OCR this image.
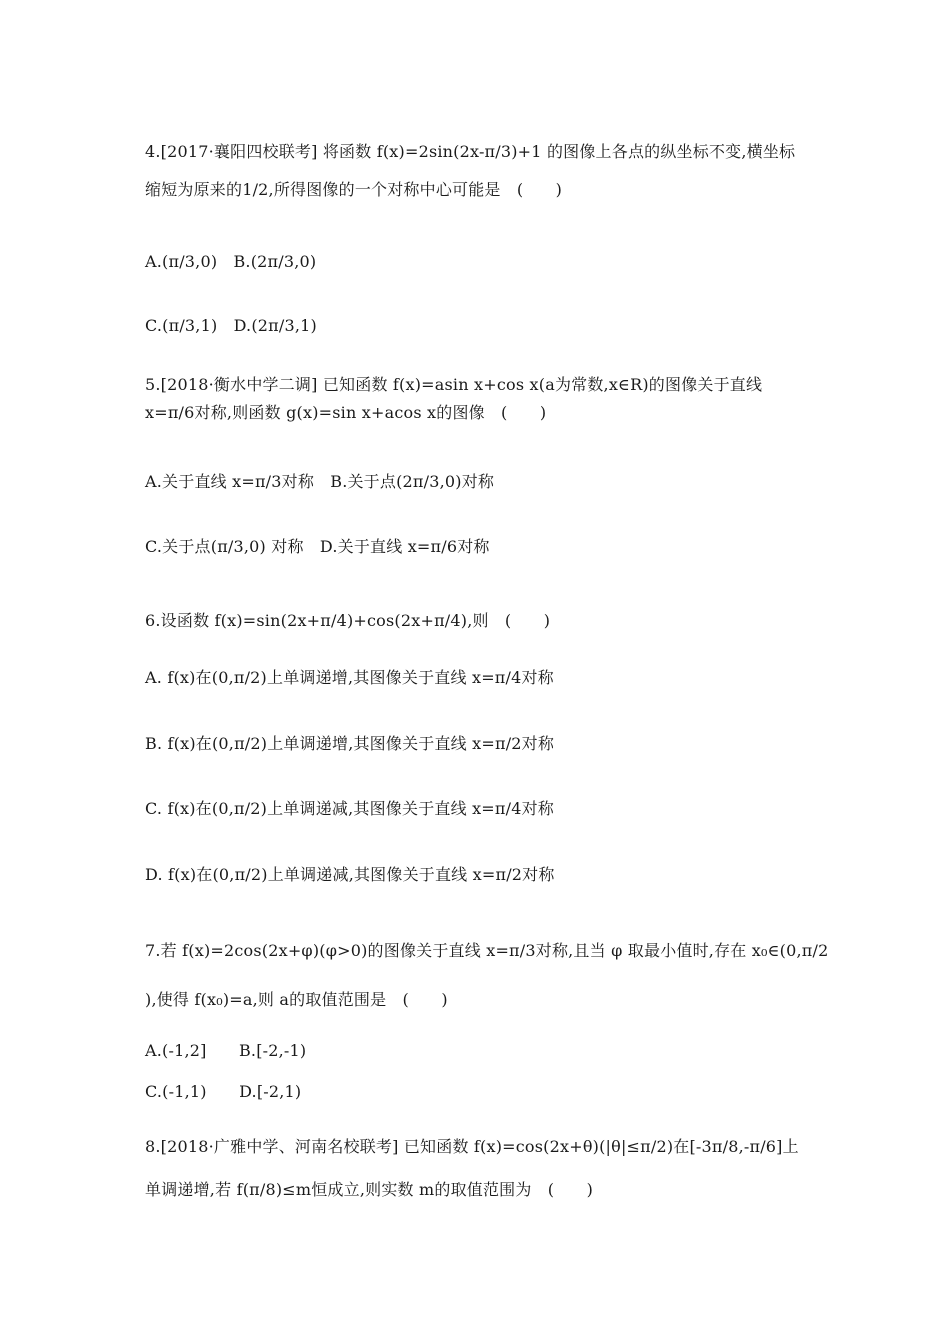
4.[2017·襄阳四校联考] 将函数 f(x)=2sin(2x-π/3)+1 的图像上各点的纵坐标不变,横坐标
缩短为原来的1/2,所得图像的一个对称中心可能是　(　　)
A.(π/3,0)　B.(2π/3,0)
C.(π/3,1)　D.(2π/3,1)
5.[2018·衡水中学二调] 已知函数 f(x)=asin x+cos x(a为常数,x∈R)的图像关于直线
x=π/6对称,则函数 g(x)=sin x+acos x的图像　(　　)
A.关于直线 x=π/3对称　B.关于点(2π/3,0)对称
C.关于点(π/3,0) 对称　D.关于直线 x=π/6对称
6.设函数 f(x)=sin(2x+π/4)+cos(2x+π/4),则　(　　)
A. f(x)在(0,π/2)上单调递增,其图像关于直线 x=π/4对称
B. f(x)在(0,π/2)上单调递增,其图像关于直线 x=π/2对称
C. f(x)在(0,π/2)上单调递减,其图像关于直线 x=π/4对称
D. f(x)在(0,π/2)上单调递减,其图像关于直线 x=π/2对称
7.若 f(x)=2cos(2x+φ)(φ>0)的图像关于直线 x=π/3对称,且当 φ 取最小值时,存在 x₀∈(0,π/2
),使得 f(x₀)=a,则 a的取值范围是　(　　)
A.(-1,2]　　B.[-2,-1)
C.(-1,1)　　D.[-2,1)
8.[2018·广雅中学、河南名校联考] 已知函数 f(x)=cos(2x+θ)(|θ|≤π/2)在[-3π/8,-π/6]上
单调递增,若 f(π/8)≤m恒成立,则实数 m的取值范围为　(　　)
